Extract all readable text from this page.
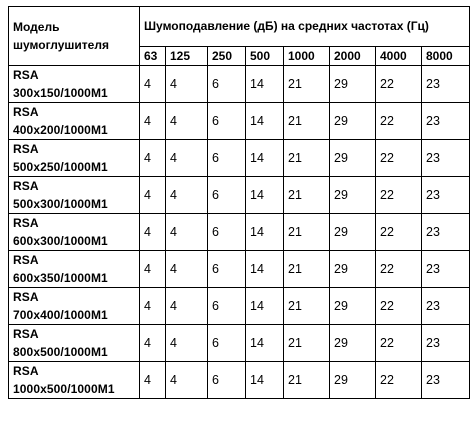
Модель шумоглушителя	Шумоподавление (дБ) на средних частотах (Гц)							
	63	125	250	500	1000	2000	4000	8000
RSA 300х150/1000М1	4	4	6	14	21	29	22	23
RSA 400х200/1000М1	4	4	6	14	21	29	22	23
RSA 500х250/1000М1	4	4	6	14	21	29	22	23
RSA 500х300/1000М1	4	4	6	14	21	29	22	23
RSA 600х300/1000М1	4	4	6	14	21	29	22	23
RSA 600х350/1000М1	4	4	6	14	21	29	22	23
RSA 700х400/1000М1	4	4	6	14	21	29	22	23
RSA 800х500/1000М1	4	4	6	14	21	29	22	23
RSA 1000х500/1000М1	4	4	6	14	21	29	22	23
